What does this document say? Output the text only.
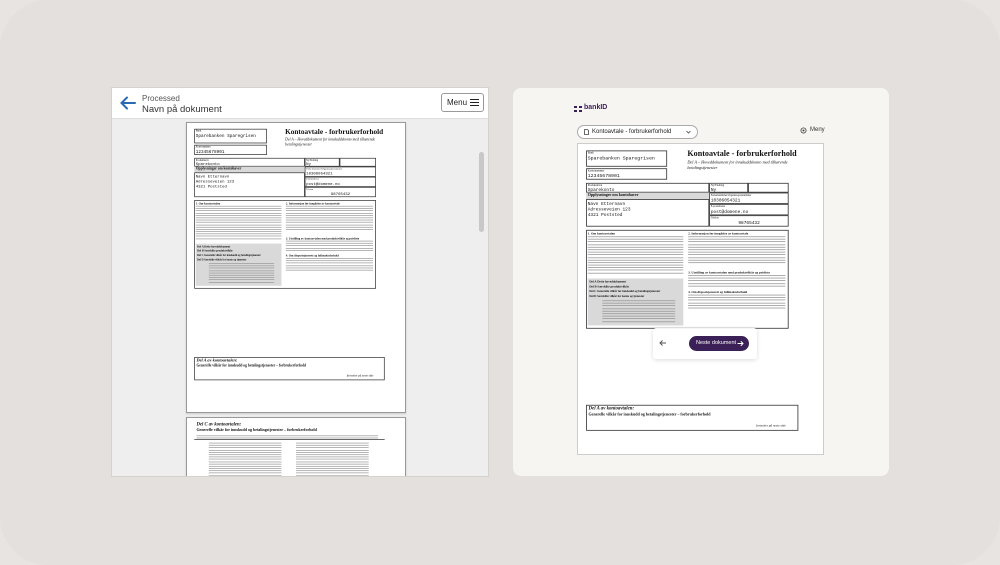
Processed
Navn på dokument
Menu
Bank
Sparebanken Sparegrisen
Kontonummer
12345678901
Kontoavtale - forbrukerforhold
Del A – Hoveddokument for innskuddskonto med tilhørende betalingstjenester
Produktnavn
Sparekonto
Ny/Endring
Ny
Opplysninger om kontohaver
Navn Etternavn
Adresseveien 123
4321 Poststed
Fødselsnummer/Organisasjonsnummer
10306054321
E-postadresse
post@domene.no
Telefon
98765432
1. Om kontoavtalen
Del A Dette hoveddokument
Del B Særskilte produktvilkår
Del C Generelle vilkår for innskudd og betalingstjenester
Del D Særskilte vilkår for konto og tjenester
2. Informasjon før inngåelse av kontoavtale
3. Utstilling av kontoavtalen med produktvilkår og prisliste
4. Om disposisjonsrett og fullmaktsforhold
Del A av kontoavtalen:
Generelle vilkår for innskudd og betalingstjenester – forbrukerforhold
fortsetter på neste side
Del C av kontoavtalen:
Generelle vilkår for innskudd og betalingstjenester – forbrukerforhold
bankID
Kontoavtale - forbrukerforhold	Meny
Bank
Sparebanken Sparegrisen
Kontonummer
12345678901
Kontoavtale - forbrukerforhold
Del A – Hoveddokument for innskuddskonto med tilhørende betalingstjenester
Produktnavn
Sparekonto
Ny/Endring
Ny
Opplysninger om kontohaver
Navn Etternavn
Adresseveien 123
4321 Poststed
Fødselsnummer/Organisasjonsnummer
10306054321
E-postadresse
post@domene.no
Telefon
98765432
1. Om kontoavtalen
Del A Dette hoveddokument
Del B Særskilte produktvilkår
Del C Generelle vilkår for innskudd og betalingstjenester
Del D Særskilte vilkår for konto og tjenester
2. Informasjon før inngåelse av kontoavtale
3. Utstilling av kontoavtalen med produktvilkår og prisliste
4. Om disposisjonsrett og fullmaktsforhold
Del A av kontoavtalen:
Generelle vilkår for innskudd og betalingstjenester – forbrukerforhold
fortsetter på neste side
Neste dokument
